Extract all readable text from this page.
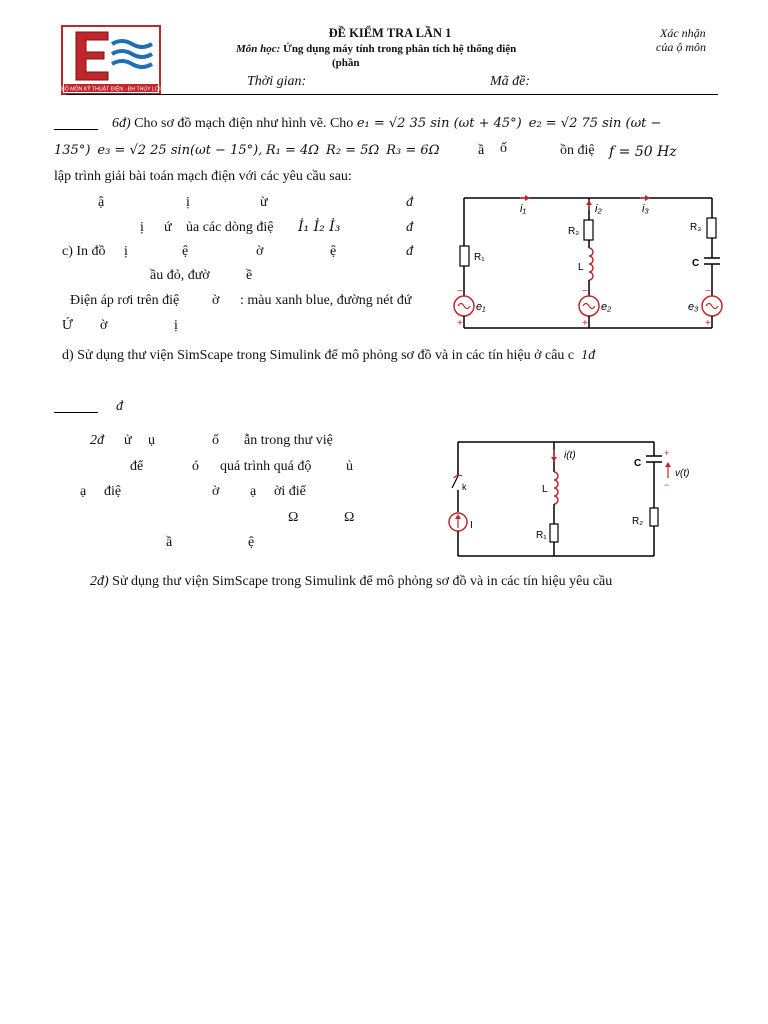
BỘ MÔN KỸ THUẬT ĐIỆN - ĐH THỦY LỢI
ĐỀ KIỂM TRA LẦN 1
Môn học: Ứng dụng máy tính trong phân tích hệ thống điện
(phần
Xác nhận
của ộ môn
Thời gian:	Mã đề:
6đ) Cho sơ đồ mạch điện như hình vẽ. Cho e₁ = √2 35 sin (ωt + 45°) e₂ = √2 75 sin (ωt −
135°) e₃ = √2 25 sin(ωt − 15°), R₁ = 4Ω R₂ = 5Ω R₃ = 6Ω	ầ ố	ồn điệ f = 50 Hz
lập trình giải bài toán mạch điện với các yêu cầu sau:
ậ	ị	ừ	đ
ị ứ ủa các dòng điệ İ₁ İ₂ İ₃	đ
c) In đồ ị	ệ	ờ	ệ	đ
ầu đỏ, đườ	ề
Điện áp rơi trên điệ ờ : màu xanh blue, đường nét đứ
Ứ ờ	ị
d) Sử dụng thư viện SimScape trong Simulink để mô phỏng sơ đồ và in các tín hiệu ở câu c 1đ
−
+
−
+
−
+
i₁	i₂	i₃
R₂	R₃
R₁
L	C
e₁	e₂	e₃
đ
2đ ử ụ	ố ẫn trong thư việ
để	ó quá trình quá độ ủ
ạ điệ	ờ ạ ời điể
Ω	Ω
ầ	ệ
2đ) Sử dụng thư viện SimScape trong Simulink để mô phỏng sơ đồ và in các tín hiệu yêu cầu
+
−
i(t)
k	L
I
R₁
C
R₂
v(t)
